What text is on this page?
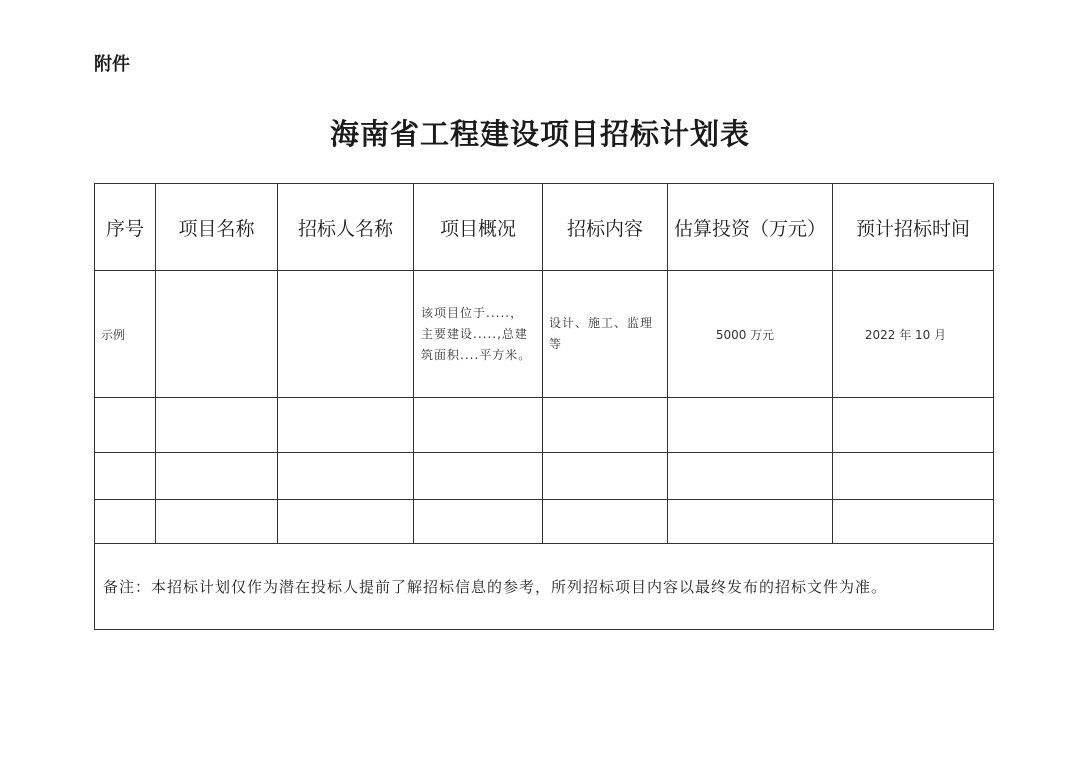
附件
海南省工程建设项目招标计划表
序号	项目名称	招标人名称	项目概况	招标内容	估算投资（万元）	预计招标时间
示例			该项目位于.....，主要建设.....,总建筑面积....平方米。	设计、施工、监理等	5000 万元	2022 年 10 月

备注：本招标计划仅作为潜在投标人提前了解招标信息的参考，所列招标项目内容以最终发布的招标文件为准。						
